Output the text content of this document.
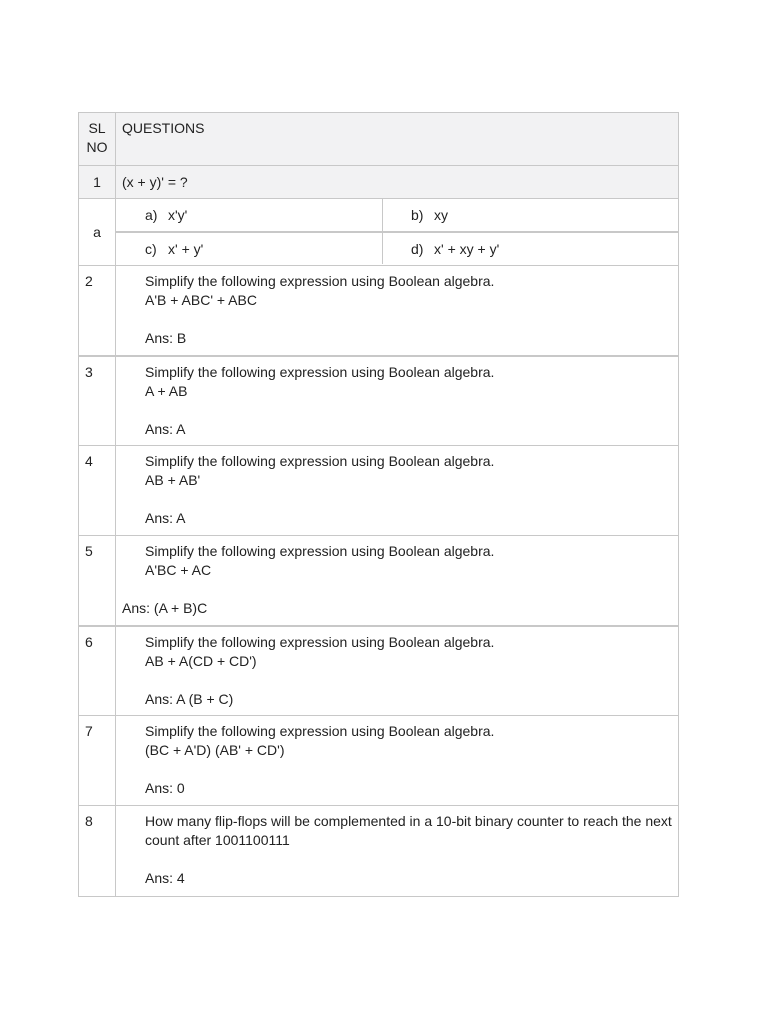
SL NO
QUESTIONS
1	(x + y)' = ?
a
a) x'y'	b) xy
c) x' + y'	d) x' + xy + y'
2	Simplify the following expression using Boolean algebra.
A'B + ABC' + ABC
Ans: B
3	Simplify the following expression using Boolean algebra.
A + AB
Ans: A
4	Simplify the following expression using Boolean algebra.
AB + AB'
Ans: A
5	Simplify the following expression using Boolean algebra.
A'BC + AC
Ans: (A + B)C
6	Simplify the following expression using Boolean algebra.
AB + A(CD + CD')
Ans: A (B + C)
7	Simplify the following expression using Boolean algebra.
(BC + A'D) (AB' + CD')
Ans: 0
8	How many flip-flops will be complemented in a 10-bit binary counter to reach the next count after 1001100111
Ans: 4
